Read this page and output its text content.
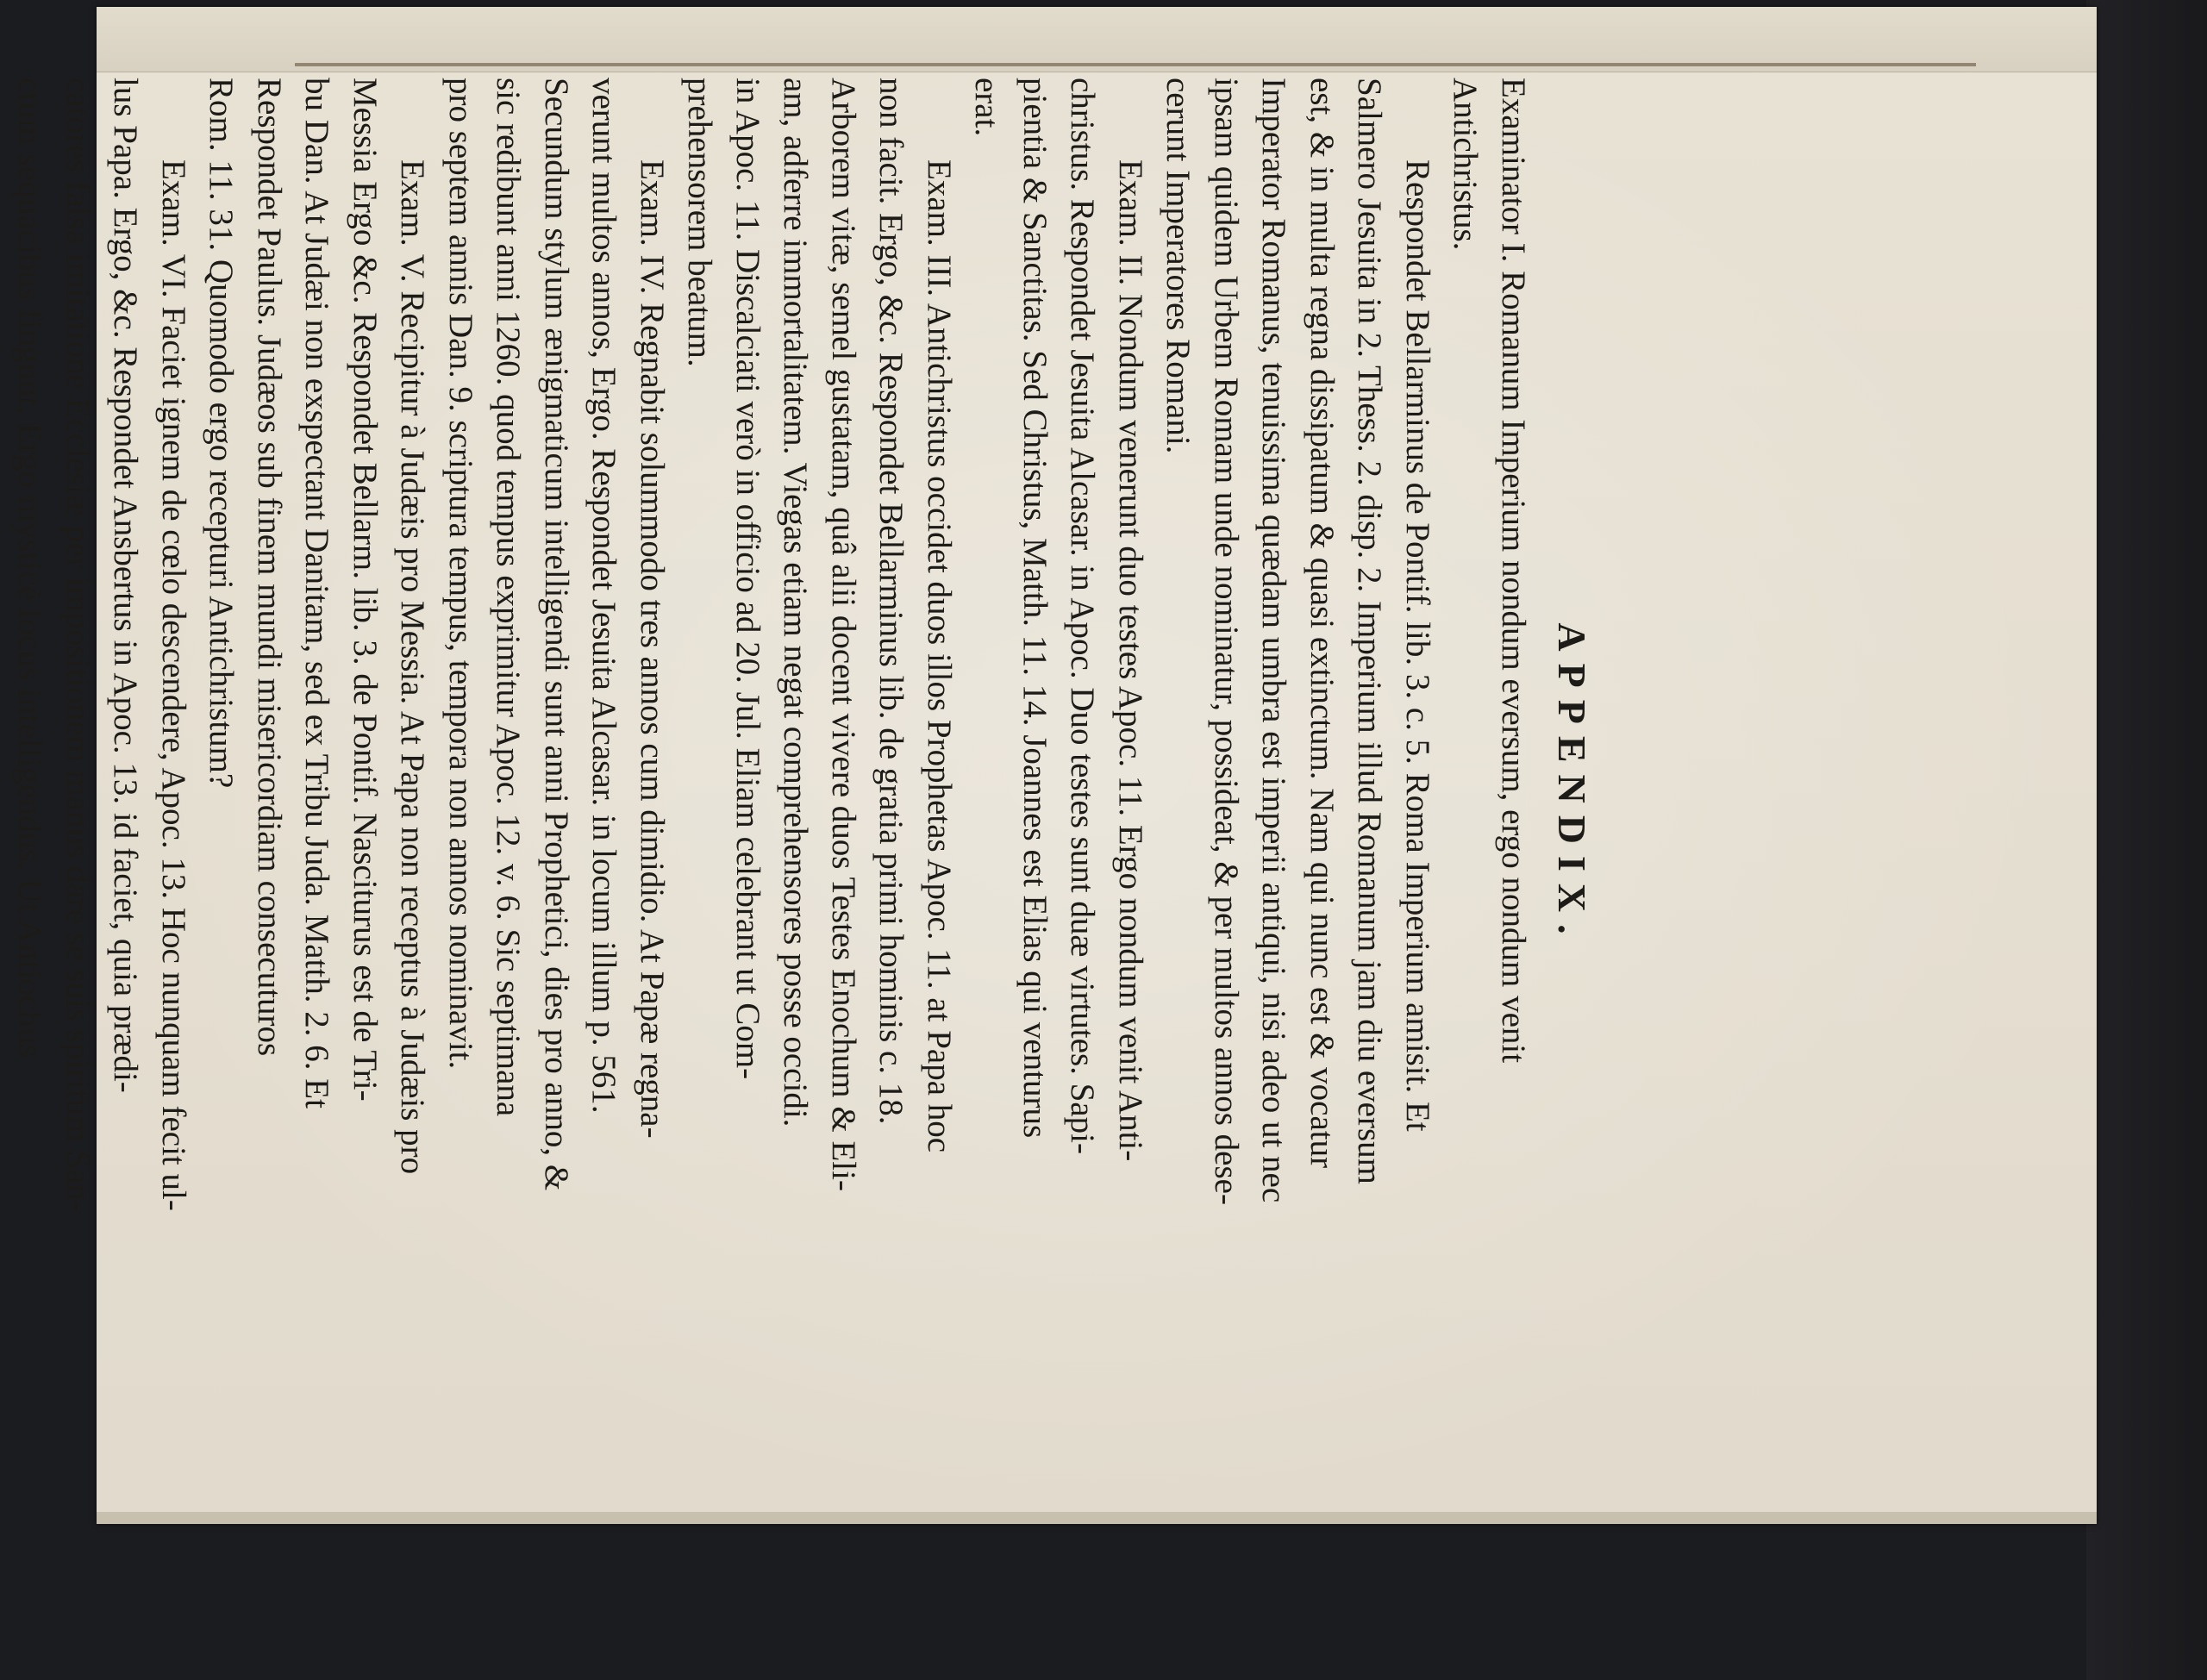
APPENDIX.
Examinator I. Romanum Imperium nondum eversum, ergo nondum venit
Antichristus.
Respondet Bellarminus de Pontif. lib. 3. c. 5. Roma Imperium amisit. Et
Salmero Jesuita in 2. Thess. 2. disp. 2. Imperium illud Romanum jam diu eversum
est, & in multa regna dissipatum & quasi extinctum. Nam qui nunc est & vocatur
Imperator Romanus, tenuissima quædam umbra est imperii antiqui, nisi adeo ut nec
ipsam quidem Urbem Romam unde nominatur, possideat, & per multos annos dese-
cerunt Imperatores Romani.
Exam. II. Nondum venerunt duo testes Apoc. 11. Ergo nondum venit Anti-
christus. Respondet Jesuita Alcasar. in Apoc. Duo testes sunt duæ virtutes. Sapi-
pientia & Sanctitas. Sed Christus, Matth. 11. 14. Joannes est Elias qui venturus
erat.
Exam. III. Antichristus occidet duos illos Prophetas Apoc. 11. at Papa hoc
non facit. Ergo, &c. Respondet Bellarminus lib. de gratia primi hominis c. 18.
Arborem vitæ, semel gustatam, quâ alii docent vivere duos Testes Enochum & Eli-
am, adferre immortalitatem. Viegas etiam negat comprehensores posse occidi.
in Apoc. 11. Discalciati verò in officio ad 20. Jul. Eliam celebrant ut Com-
prehensorem beatum.
Exam. IV. Regnabit solummodo tres annos cum dimidio. At Papæ regna-
verunt multos annos, Ergo. Respondet Jesuita Alcasar. in locum illum p. 561.
Secundum stylum ænigmaticum intelligendi sunt anni Prophetici, dies pro anno, &
sic redibunt anni 1260. quod tempus exprimitur Apoc. 12. v. 6. Sic septimana
pro septem annis Dan. 9. scriptura tempus, tempora non annos nominavit.
Exam. V. Recipitur à Judæis pro Messia. At Papa non receptus à Judæis pro
Messia Ergo &c. Respondet Bellarm. lib. 3. de Pontif. Nasciturus est de Tri-
bu Dan. At Judæi non exspectant Danitam, sed ex Tribu Juda. Matth. 2. 6. Et
Respondet Paulus. Judæos sub finem mundi misericordiam consecuturos
Rom. 11. 31. Quomodo ergo recepturi Antichristum?
Exam. VI. Faciet ignem de cœlo descendere, Apoc. 13. Hoc nunquam fecit ul-
lus Papa. Ergo, &c. Respondet Ansbertus in Apoc. 13. id faciet, quia prædi-
catores falsa imitatione Ecclesiæ per impositionem manus dare se suis spiritum San-
ctum sequacibus fingunt. Ergo mysticè locus intelligendus. Ut Antiochus
